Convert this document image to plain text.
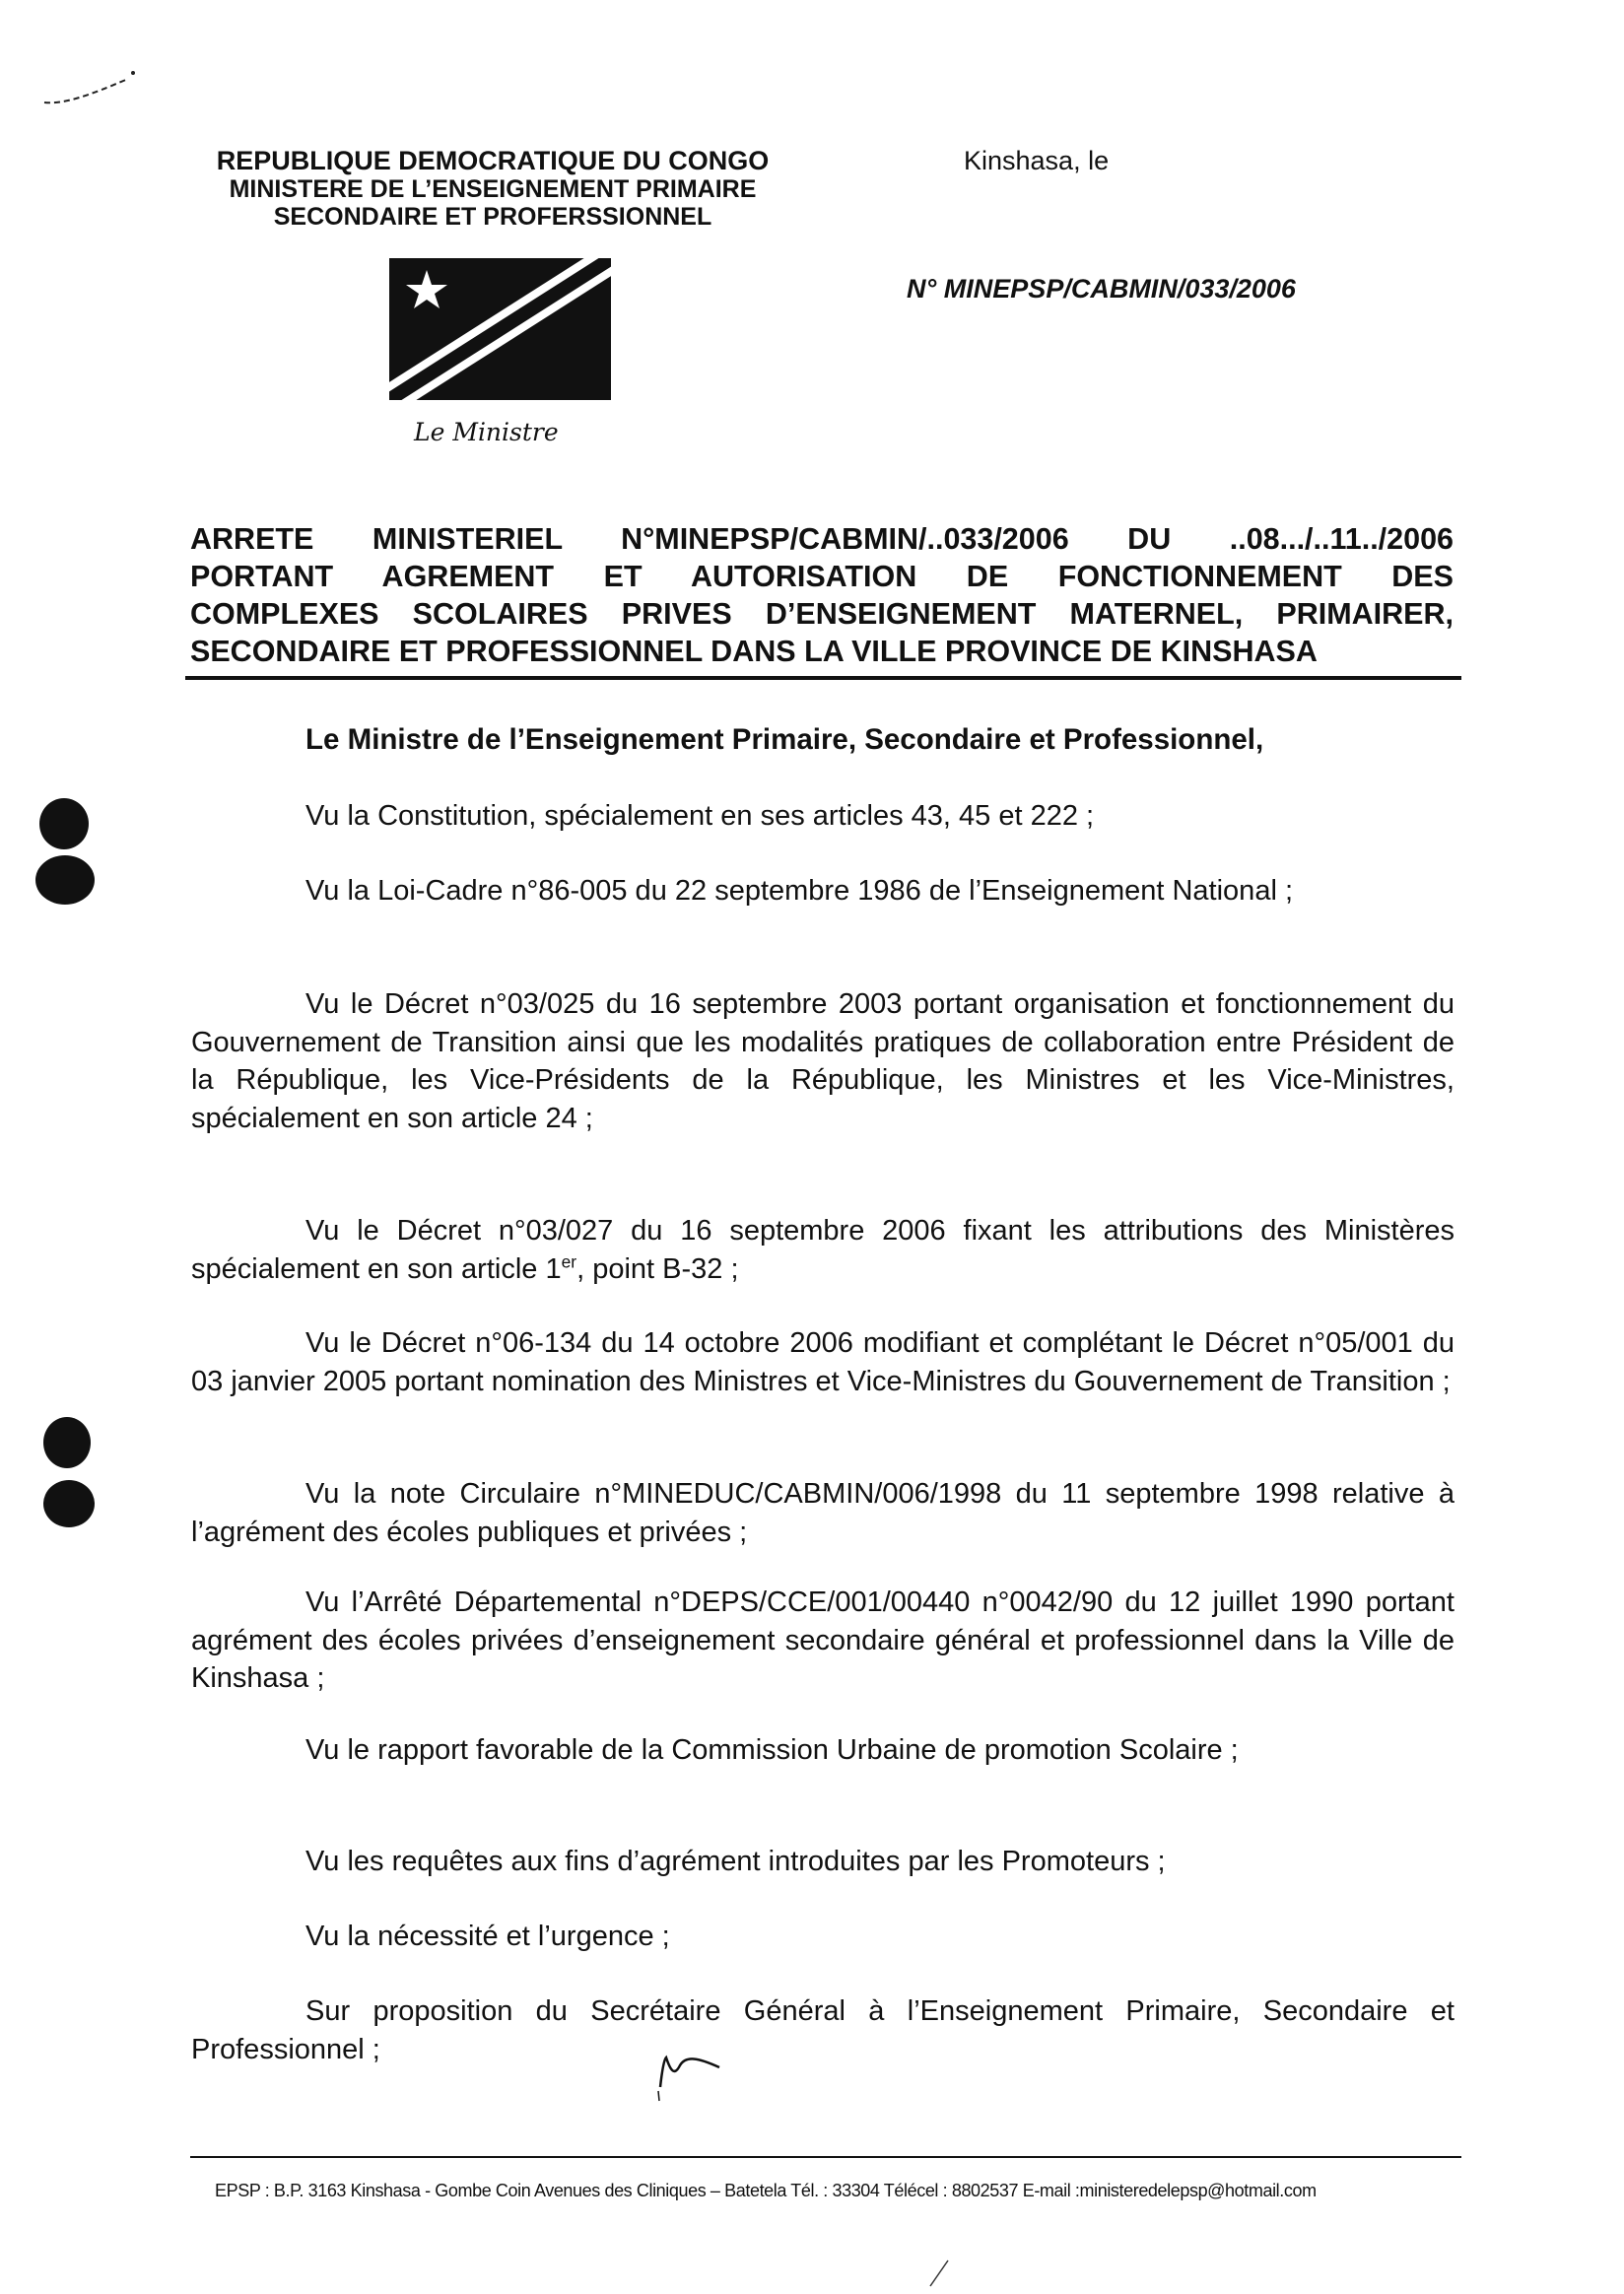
REPUBLIQUE DEMOCRATIQUE DU CONGO
MINISTERE DE L’ENSEIGNEMENT PRIMAIRE
SECONDAIRE ET PROFERSSIONNEL
Le Ministre
Kinshasa, le
N° MINEPSP/CABMIN/033/2006
ARRETE MINISTERIEL N°MINEPSP/CABMIN/..033/2006 DU ..08.../..11../2006
PORTANT AGREMENT ET AUTORISATION DE FONCTIONNEMENT DES
COMPLEXES SCOLAIRES PRIVES D’ENSEIGNEMENT MATERNEL, PRIMAIRER,
SECONDAIRE ET PROFESSIONNEL DANS LA VILLE PROVINCE DE KINSHASA
Le Ministre de l’Enseignement Primaire, Secondaire et Professionnel,
Vu la Constitution, spécialement en ses articles 43, 45 et 222 ;
Vu la Loi-Cadre n°86-005 du 22 septembre 1986 de l’Enseignement National ;
Vu le Décret n°03/025 du 16 septembre 2003 portant organisation et fonctionnement du Gouvernement de Transition ainsi que les modalités pratiques de collaboration entre Président de la République, les Vice-Présidents de la République, les Ministres et les Vice-Ministres, spécialement en son article 24 ;
Vu le Décret n°03/027 du 16 septembre 2006 fixant les attributions des Ministères spécialement en son article 1er, point B-32 ;
Vu le Décret n°06-134 du 14 octobre 2006 modifiant et complétant le Décret n°05/001 du 03 janvier 2005 portant nomination des Ministres et Vice-Ministres du Gouvernement de Transition ;
Vu la note Circulaire n°MINEDUC/CABMIN/006/1998 du 11 septembre 1998 relative à l’agrément des écoles publiques et privées ;
Vu l’Arrêté Départemental n°DEPS/CCE/001/00440 n°0042/90 du 12 juillet 1990 portant agrément des écoles privées d’enseignement secondaire général et professionnel dans la Ville de Kinshasa ;
Vu le rapport favorable de la Commission Urbaine de promotion Scolaire ;
Vu les requêtes aux fins d’agrément introduites par les Promoteurs ;
Vu la nécessité et l’urgence ;
Sur proposition du Secrétaire Général à l’Enseignement Primaire, Secondaire et Professionnel ;
EPSP : B.P. 3163 Kinshasa - Gombe Coin Avenues des Cliniques – Batetela Tél. : 33304 Télécel : 8802537 E-mail :ministeredelepsp@hotmail.com
